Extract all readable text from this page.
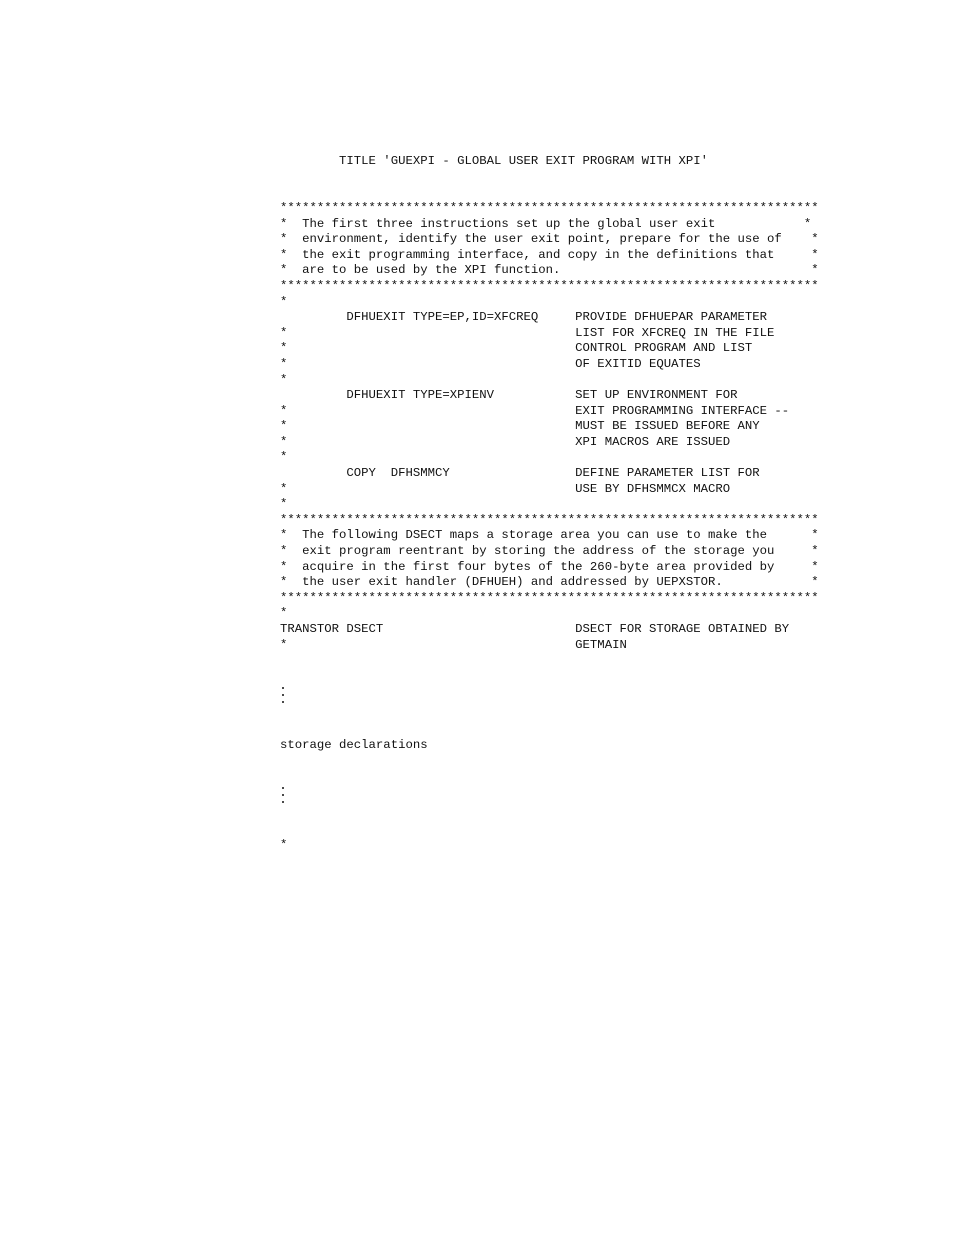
TITLE 'GUEXPI - GLOBAL USER EXIT PROGRAM WITH XPI'

*************************************************************************
*  The first three instructions set up the global user exit            *
*  environment, identify the user exit point, prepare for the use of    *
*  the exit programming interface, and copy in the definitions that     *
*  are to be used by the XPI function.                                  *
*************************************************************************
*
DFHUEXIT TYPE=EP,ID=XFCREQ     PROVIDE DFHUEPAR PARAMETER
*                                       LIST FOR XFCREQ IN THE FILE
*                                       CONTROL PROGRAM AND LIST
*                                       OF EXITID EQUATES
*
DFHUEXIT TYPE=XPIENV           SET UP ENVIRONMENT FOR
*                                       EXIT PROGRAMMING INTERFACE --
*                                       MUST BE ISSUED BEFORE ANY
*                                       XPI MACROS ARE ISSUED
*
COPY  DFHSMMCY                 DEFINE PARAMETER LIST FOR
*                                       USE BY DFHSMMCX MACRO
*
*************************************************************************
*  The following DSECT maps a storage area you can use to make the      *
*  exit program reentrant by storing the address of the storage you     *
*  acquire in the first four bytes of the 260-byte area provided by     *
*  the user exit handler (DFHUEH) and addressed by UEPXSTOR.            *
*************************************************************************
*
TRANSTOR DSECT                          DSECT FOR STORAGE OBTAINED BY
*                                       GETMAIN

storage declarations

*
